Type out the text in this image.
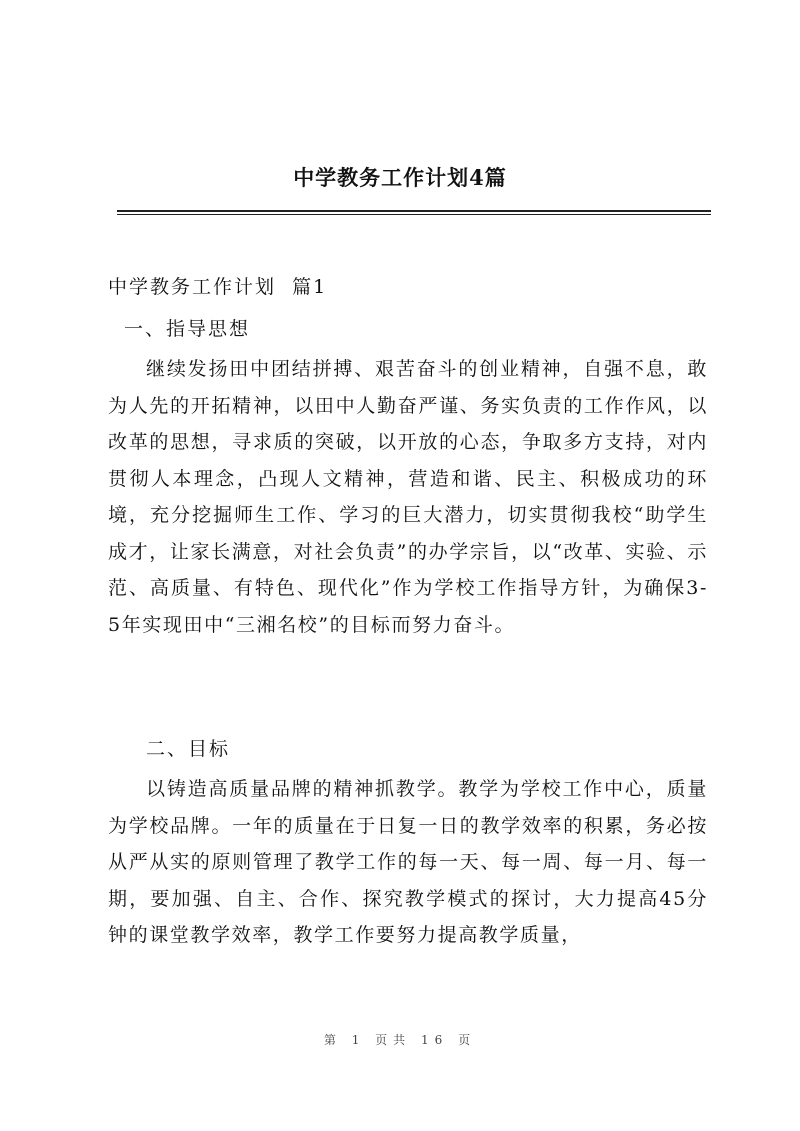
中学教务工作计划4篇
中学教务工作计划  篇1
一、指导思想

继续发扬田中团结拼搏、艰苦奋斗的创业精神，自强不息，敢为人先的开拓精神，以田中人勤奋严谨、务实负责的工作作风，以改革的思想，寻求质的突破，以开放的心态，争取多方支持，对内贯彻人本理念，凸现人文精神，营造和谐、民主、积极成功的环境，充分挖掘师生工作、学习的巨大潜力，切实贯彻我校“助学生成才，让家长满意，对社会负责”的办学宗旨，以“改革、实验、示范、高质量、有特色、现代化”作为学校工作指导方针，为确保3-5年实现田中“三湘名校”的目标而努力奋斗。

二、目标

以铸造高质量品牌的精神抓教学。教学为学校工作中心，质量为学校品牌。一年的质量在于日复一日的教学效率的积累，务必按从严从实的原则管理了教学工作的每一天、每一周、每一月、每一期，要加强、自主、合作、探究教学模式的探讨，大力提高45分钟的课堂教学效率，教学工作要努力提高教学质量，

第 1 页共 16 页
